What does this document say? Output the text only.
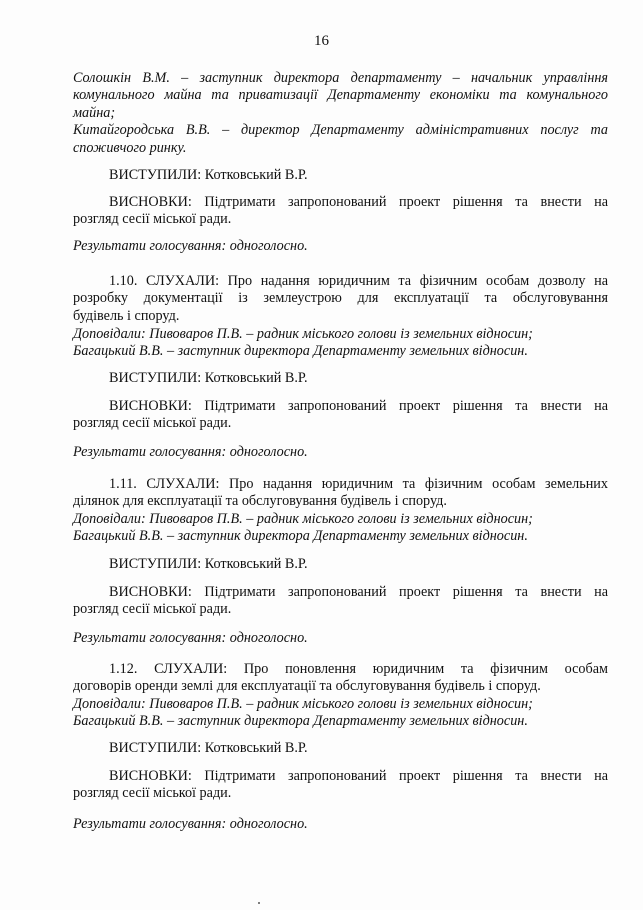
16
Солошкін В.М. – заступник директора департаменту – начальник управління
комунального майна та приватизації Департаменту економіки та комунального
майна;
Китайгородська В.В. – директор Департаменту адміністративних послуг та
споживчого ринку.
ВИСТУПИЛИ: Котковський В.Р.
ВИСНОВКИ: Підтримати запропонований проект рішення та внести на
розгляд сесії міської ради.
Результати голосування: одноголосно.
1.10. СЛУХАЛИ: Про надання юридичним та фізичним особам дозволу на
розробку документації із землеустрою для експлуатації та обслуговування
будівель і споруд.
Доповідали: Пивоваров П.В. – радник міського голови із земельних відносин;
Багацький В.В. – заступник директора Департаменту земельних відносин.
ВИСТУПИЛИ: Котковський В.Р.
ВИСНОВКИ: Підтримати запропонований проект рішення та внести на
розгляд сесії міської ради.
Результати голосування: одноголосно.
1.11. СЛУХАЛИ: Про надання юридичним та фізичним особам земельних
ділянок для експлуатації та обслуговування будівель і споруд.
Доповідали: Пивоваров П.В. – радник міського голови із земельних відносин;
Багацький В.В. – заступник директора Департаменту земельних відносин.
ВИСТУПИЛИ: Котковський В.Р.
ВИСНОВКИ: Підтримати запропонований проект рішення та внести на
розгляд сесії міської ради.
Результати голосування: одноголосно.
1.12. СЛУХАЛИ: Про поновлення юридичним та фізичним особам
договорів оренди землі для експлуатації та обслуговування будівель і споруд.
Доповідали: Пивоваров П.В. – радник міського голови із земельних відносин;
Багацький В.В. – заступник директора Департаменту земельних відносин.
ВИСТУПИЛИ: Котковський В.Р.
ВИСНОВКИ: Підтримати запропонований проект рішення та внести на
розгляд сесії міської ради.
Результати голосування: одноголосно.
